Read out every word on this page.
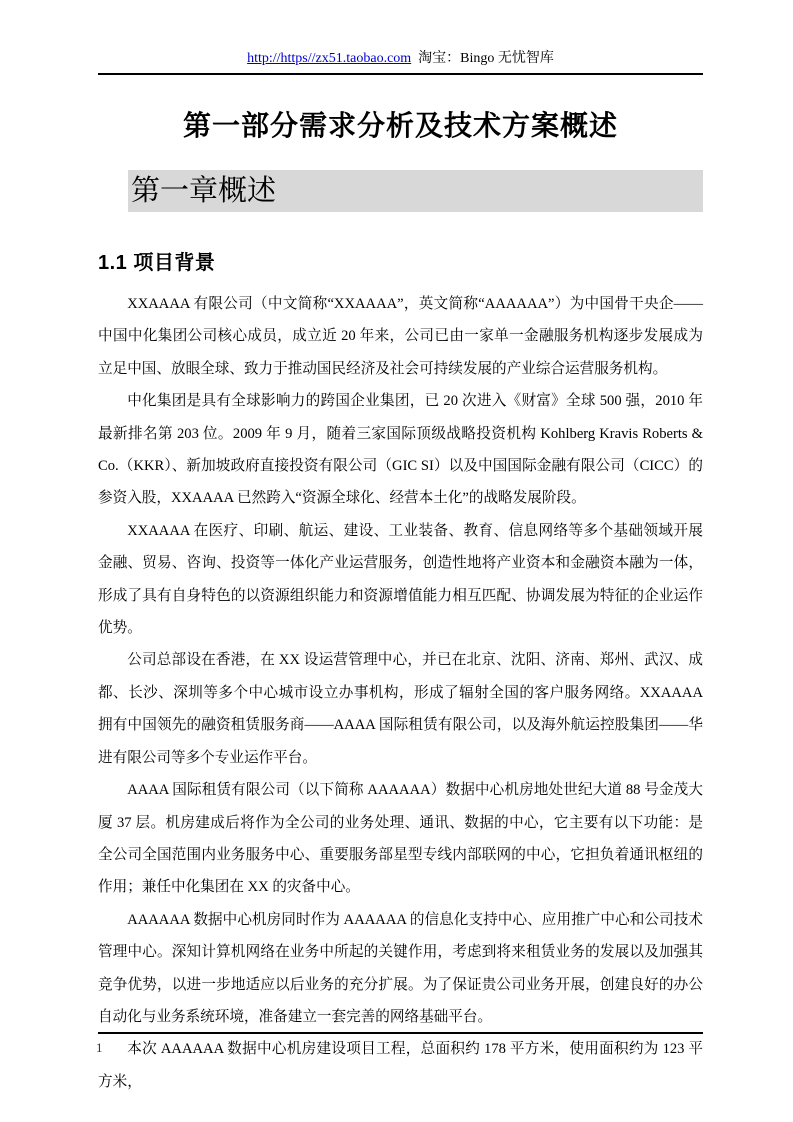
http://https//zx51.taobao.com 淘宝：Bingo 无忧智库
第一部分需求分析及技术方案概述
第一章概述
1.1 项目背景

XXAAAA 有限公司（中文简称“XXAAAA”，英文简称“AAAAAA”）为中国骨干央企——中国中化集团公司核心成员，成立近 20 年来，公司已由一家单一金融服务机构逐步发展成为立足中国、放眼全球、致力于推动国民经济及社会可持续发展的产业综合运营服务机构。

中化集团是具有全球影响力的跨国企业集团，已 20 次进入《财富》全球 500 强，2010 年最新排名第 203 位。2009 年 9 月，随着三家国际顶级战略投资机构 Kohlberg Kravis Roberts & Co.（KKR）、新加坡政府直接投资有限公司（GIC SI）以及中国国际金融有限公司（CICC）的参资入股，XXAAAA 已然跨入“资源全球化、经营本土化”的战略发展阶段。

XXAAAA 在医疗、印刷、航运、建设、工业装备、教育、信息网络等多个基础领域开展金融、贸易、咨询、投资等一体化产业运营服务，创造性地将产业资本和金融资本融为一体，形成了具有自身特色的以资源组织能力和资源增值能力相互匹配、协调发展为特征的企业运作优势。

公司总部设在香港，在 XX 设运营管理中心，并已在北京、沈阳、济南、郑州、武汉、成都、长沙、深圳等多个中心城市设立办事机构，形成了辐射全国的客户服务网络。XXAAAA 拥有中国领先的融资租赁服务商——AAAA 国际租赁有限公司，以及海外航运控股集团——华进有限公司等多个专业运作平台。

AAAA 国际租赁有限公司（以下简称 AAAAAA）数据中心机房地处世纪大道 88 号金茂大厦 37 层。机房建成后将作为全公司的业务处理、通讯、数据的中心，它主要有以下功能：是全公司全国范围内业务服务中心、重要服务部星型专线内部联网的中心，它担负着通讯枢纽的作用；兼任中化集团在 XX 的灾备中心。

AAAAAA 数据中心机房同时作为 AAAAAA 的信息化支持中心、应用推广中心和公司技术管理中心。深知计算机网络在业务中所起的关键作用，考虑到将来租赁业务的发展以及加强其竞争优势，以进一步地适应以后业务的充分扩展。为了保证贵公司业务开展，创建良好的办公自动化与业务系统环境，准备建立一套完善的网络基础平台。

本次 AAAAAA 数据中心机房建设项目工程，总面积约 178 平方米，使用面积约为 123 平方米，

1
